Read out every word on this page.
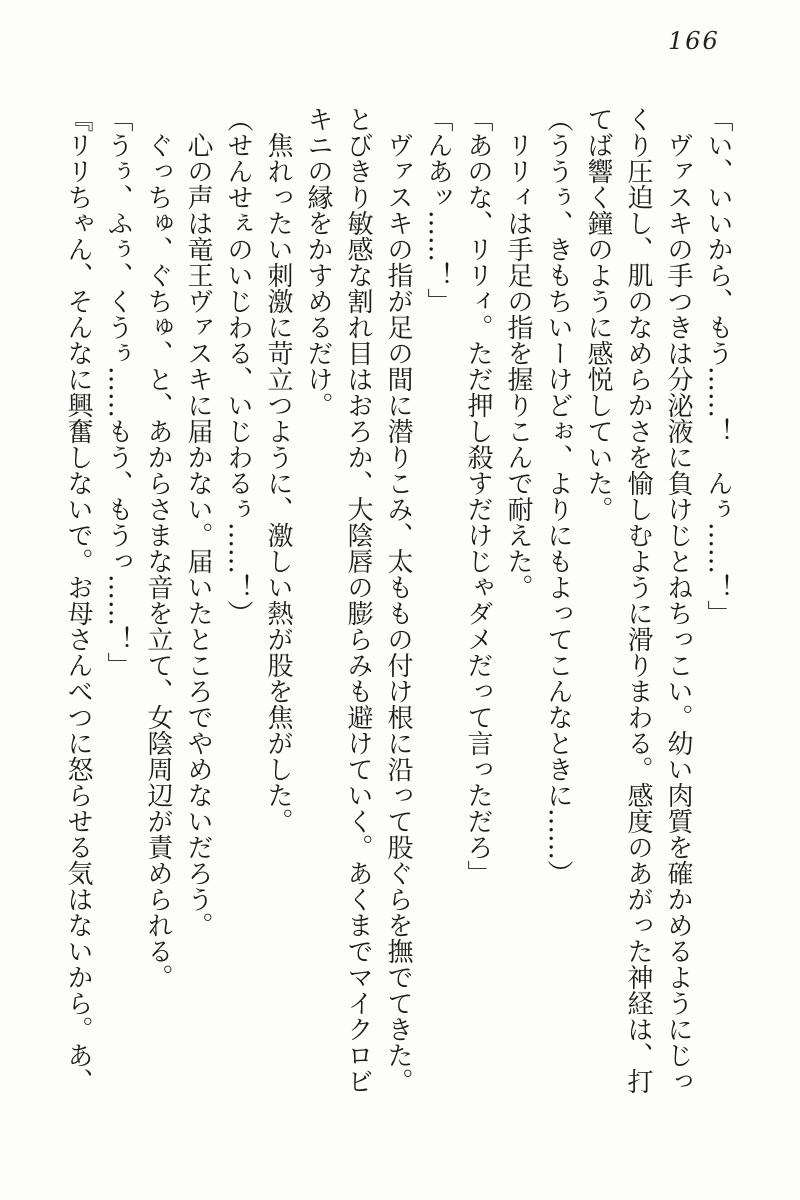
166
「い、いいから、もう……！　んぅ……！」
　ヴァスキの手つきは分泌液に負けじとねちっこい。幼い肉質を確かめるようにじっ
くり圧迫し、肌のなめらかさを愉しむように滑りまわる。感度のあがった神経は、打
てば響く鐘のように感悦していた。
（ううぅ、きもちいーけどぉ、よりにもよってこんなときに……）
　リリィは手足の指を握りこんで耐えた。
「あのな、リリィ。ただ押し殺すだけじゃダメだって言っただろ」
「んあッ……！」
　ヴァスキの指が足の間に潜りこみ、太ももの付け根に沿って股ぐらを撫でてきた。
とびきり敏感な割れ目はおろか、大陰唇の膨らみも避けていく。あくまでマイクロビ
キニの縁をかすめるだけ。
　焦れったい刺激に苛立つように、激しい熱が股を焦がした。
（せんせぇのいじわる、いじわるぅ……！）
　心の声は竜王ヴァスキに届かない。届いたところでやめないだろう。
　ぐっちゅ、ぐちゅ、と、あからさまな音を立て、女陰周辺が責められる。
「うぅ、ふぅ、くうぅ……もう、もうっ……！」
『リリちゃん、そんなに興奮しないで。お母さんべつに怒らせる気はないから。あ、
